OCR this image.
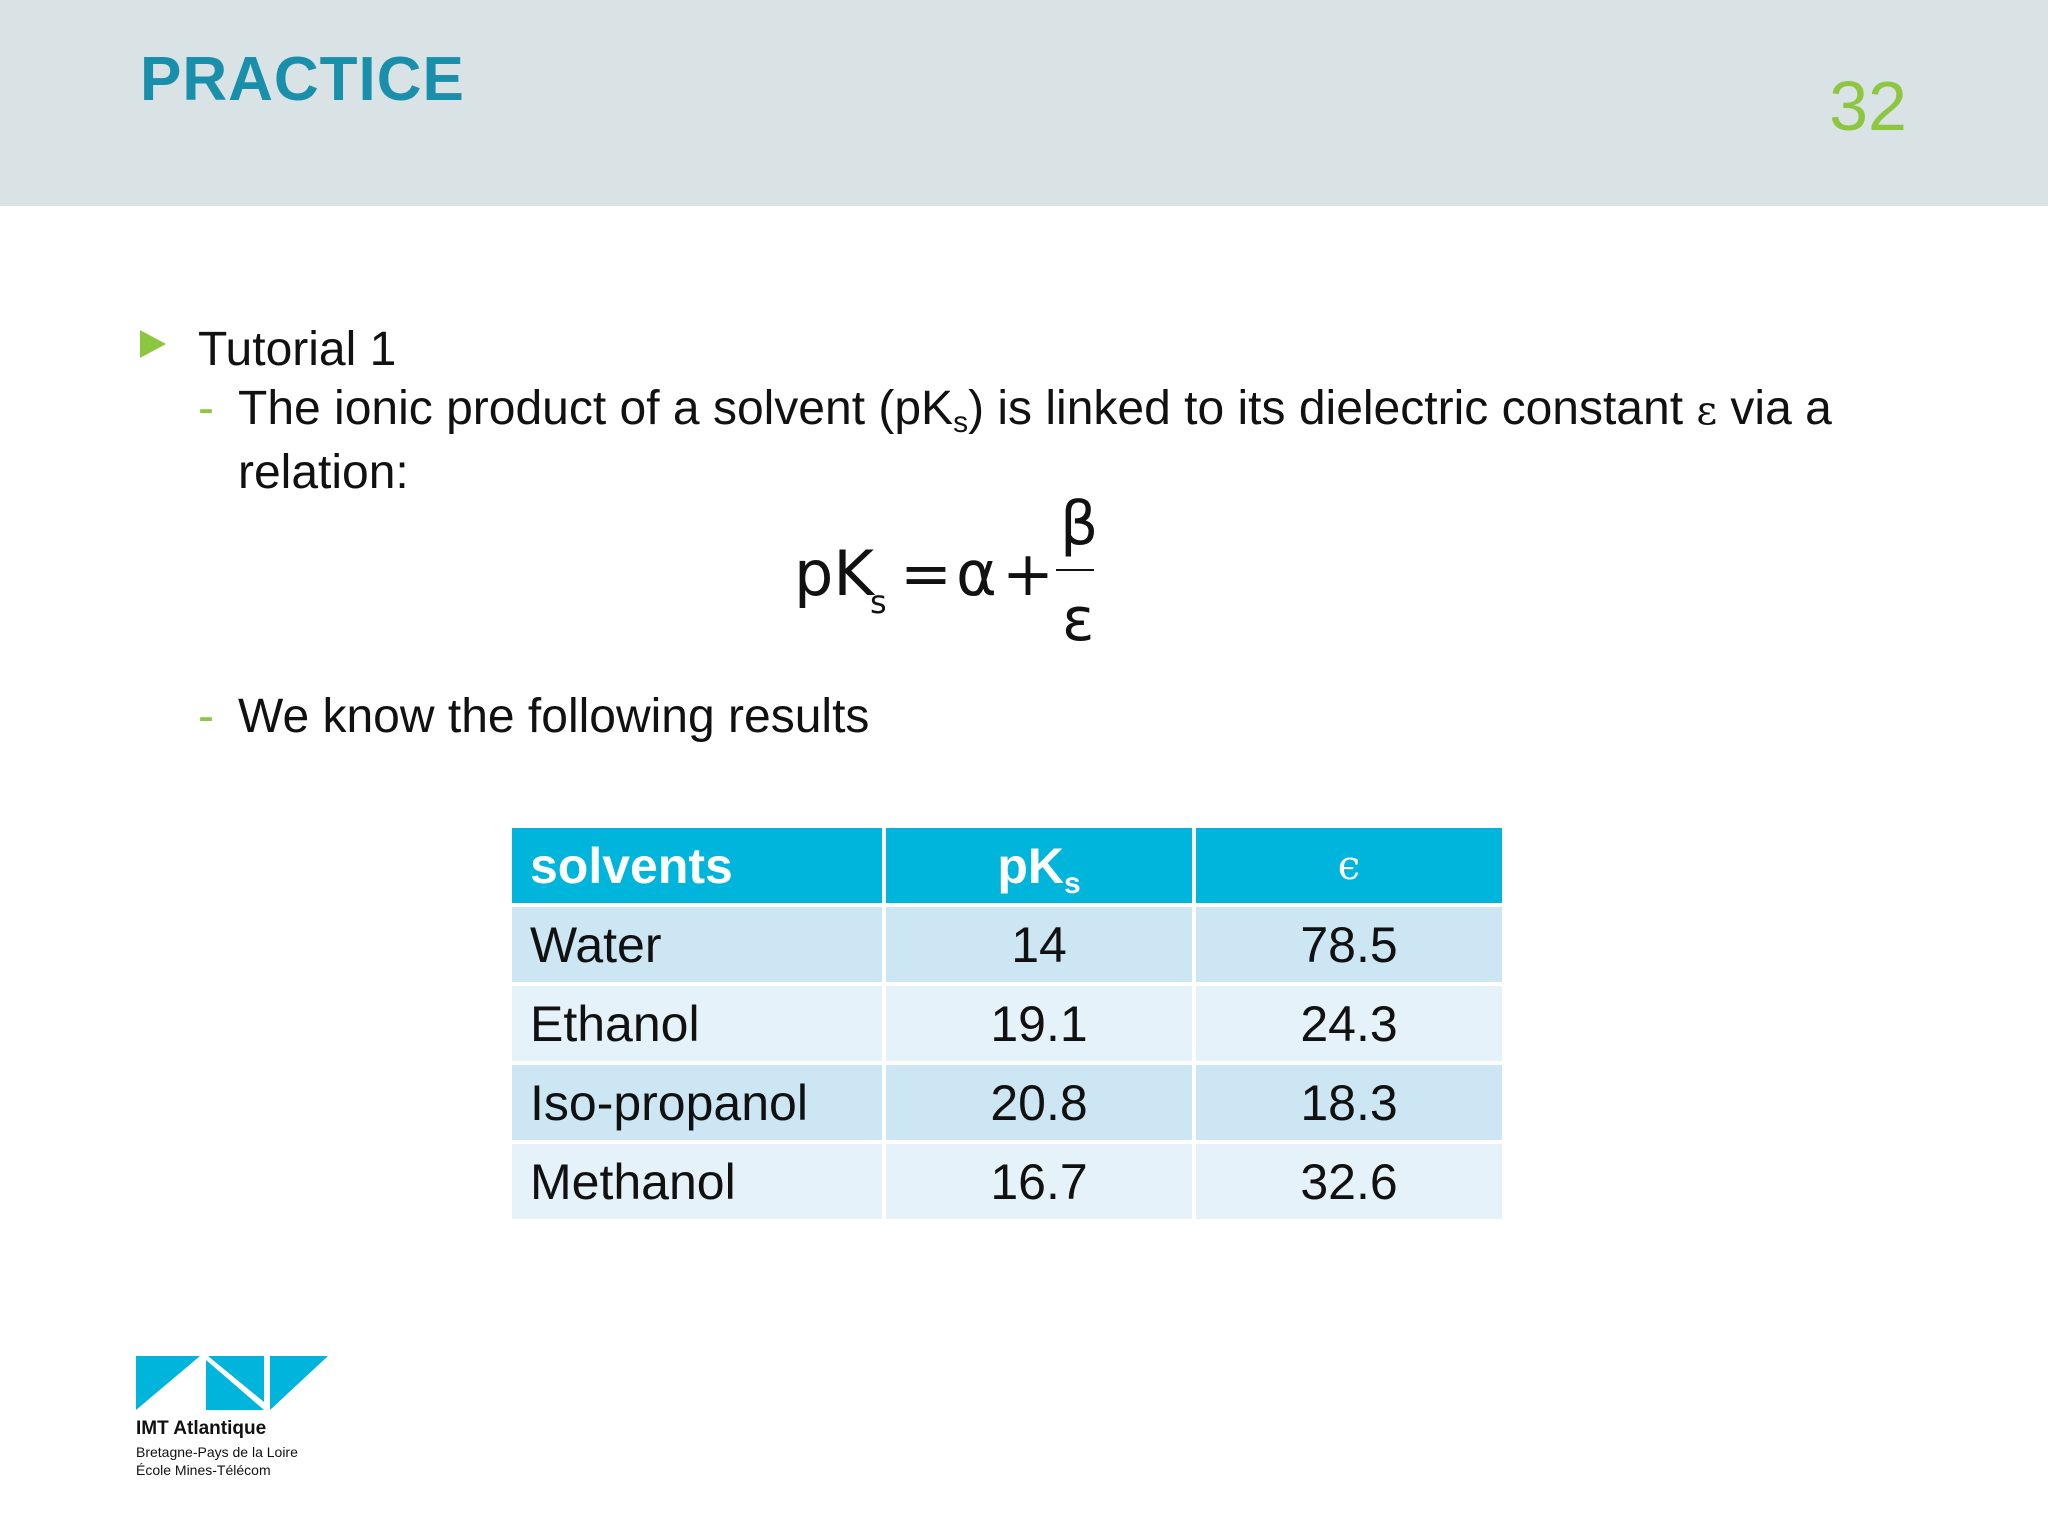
PRACTICE	32
Tutorial 1
- The ionic product of a solvent $(pK_s)$ is linked to its dielectric constant ε via a relation:
pK
s = α +
β
ε
- We know the following results
solvents	$pK_s$	ϵ
Water	14	78.5
Ethanol	19.1	24.3
Iso-propanol	20.8	18.3
Methanol	16.7	32.6
IMT Atlantique
Bretagne-Pays de la Loire
École Mines-Télécom
